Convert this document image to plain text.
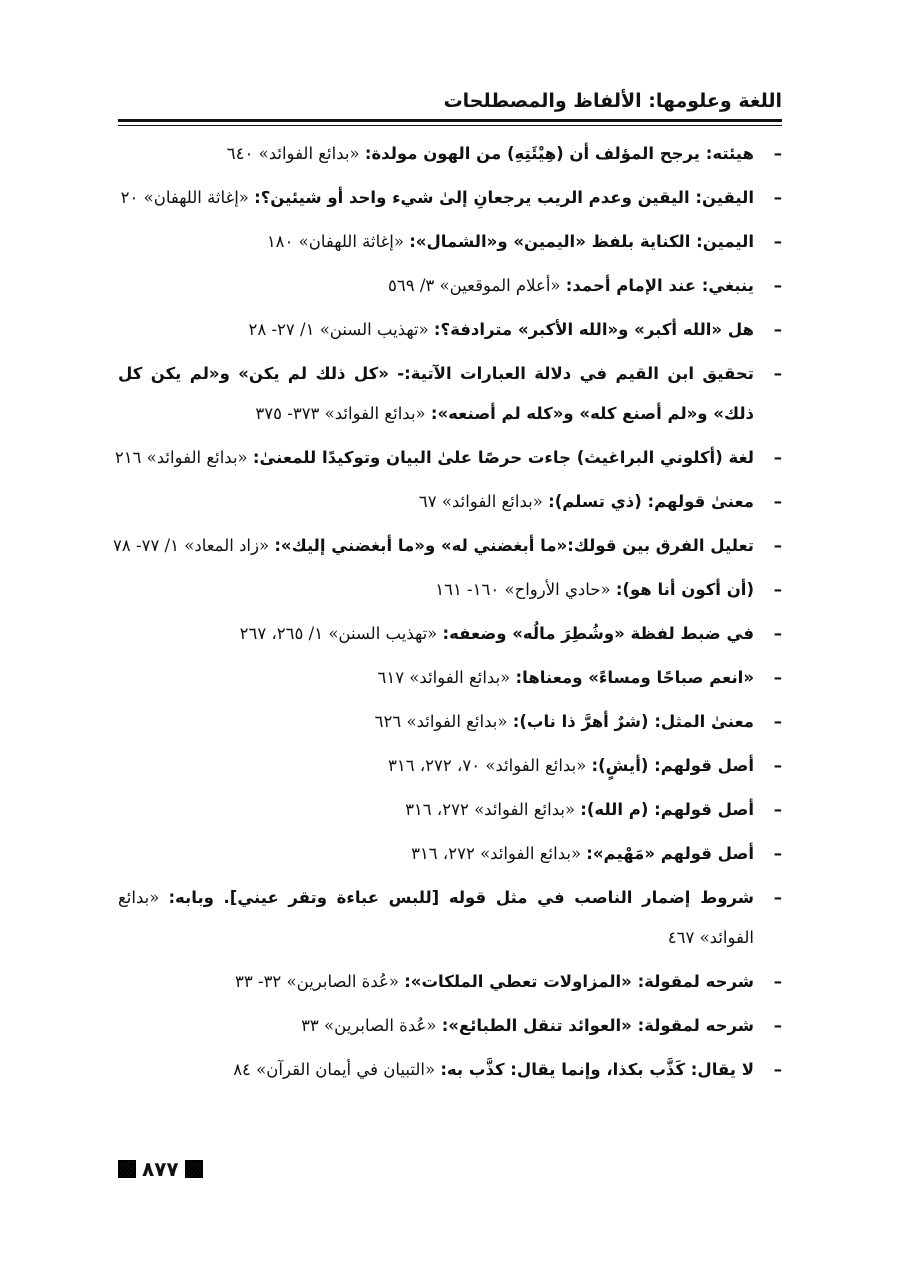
اللغة وعلومها: الألفاظ والمصطلحات
–
هيئته: يرجح المؤلف أن (هِيْئَتِهِ) من الهون مولدة: «بدائع الفوائد» ٦٤٠
–
اليقين: اليقين وعدم الريب يرجعانِ إلىٰ شيء واحد أو شيئين؟: «إغاثة اللهفان» ٢٠
–
اليمين: الكناية بلفظ «اليمين» و«الشمال»: «إغاثة اللهفان» ١٨٠
–
ينبغي: عند الإمام أحمد: «أعلام الموقعين» ٣/ ٥٦٩
–
هل «الله أكبر» و«الله الأكبر» مترادفة؟: «تهذيب السنن» ١/ ٢٧- ٢٨
–
تحقيق ابن القيم في دلالة العبارات الآتية:- «كل ذلك لم يكن» و«لم يكن كل ذلك» و«لم أصنع كله» و«كله لم أصنعه»: «بدائع الفوائد» ٣٧٣- ٣٧٥
–
لغة (أكلوني البراغيث) جاءت حرصًا علىٰ البيان وتوكيدًا للمعنىٰ: «بدائع الفوائد» ٢١٦
–
معنىٰ قولهم: (ذي تسلم): «بدائع الفوائد» ٦٧
–
تعليل الفرق بين قولك:«ما أبغضني له» و«ما أبغضني إليك»: «زاد المعاد» ١/ ٧٧- ٧٨
–
(أن أكون أنا هو): «حادي الأرواح» ١٦٠- ١٦١
–
في ضبط لفظة «وشُطِرَ مالُه» وضعفه: «تهذيب السنن» ١/ ٢٦٥، ٢٦٧
–
«انعم صباحًا ومساءً» ومعناها: «بدائع الفوائد» ٦١٧
–
معنىٰ المثل: (شرٌ أهرَّ ذا ناب): «بدائع الفوائد» ٦٢٦
–
أصل قولهم: (أيشٍ): «بدائع الفوائد» ٧٠، ٢٧٢، ٣١٦
–
أصل قولهم: (م الله): «بدائع الفوائد» ٢٧٢، ٣١٦
–
أصل قولهم «مَهْيم»: «بدائع الفوائد» ٢٧٢، ٣١٦
–
شروط إضمار الناصب في مثل قوله [للبس عباءة وتقر عيني]. وبابه: «بدائع الفوائد» ٤٦٧
–
شرحه لمقولة: «المزاولات تعطي الملكات»: «عُدة الصابرين» ٣٢- ٣٣
–
شرحه لمقولة: «العوائد تنقل الطبائع»: «عُدة الصابرين» ٣٣
–
لا يقال: كَذَّب بكذا، وإنما يقال: كذَّب به: «التبيان في أيمان القرآن» ٨٤
٨٧٧
